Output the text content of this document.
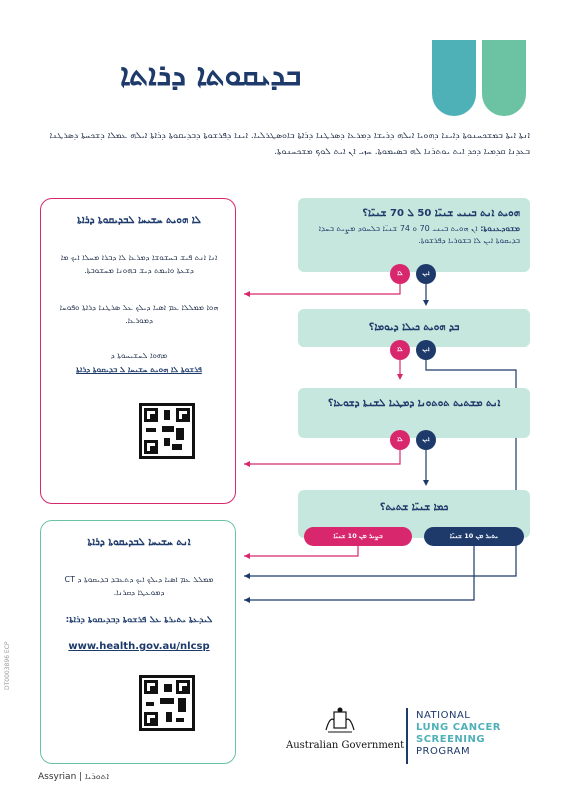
ܒܕܝܩܘܬܐ ܕܪܐܬܐ
ܐܢܬܐ ܐܝܬܐ ܒܡܫܟܚܢܘܬܐ ܕܐܝܢܐ ܕܗܘܝܐ ܐܝܠܗ ܕܪܝܫܐ ܕܡܪܥܐ ܕܣܪܛܢܐ ܕܪܐܬܐ ܒܐܘܣܛܪܠܝܐ. ܐܝܢܐ ܕܦܪܫܘܬܐ ܕܒܕܝܩܘܬܐ ܕܪܐܬܐ ܐܝܠܗ ܥܡܠܐ ܕܫܟܚܬܐ ܕܣܪܛܢܐ ܒܥܕܢܐ ܩܕܡܝܐ ܕܟܕ ܐܝܬ ܝܘܬܪܢܐ ܠܗ ܒܣܝܡܘܬܐ. ܚܙܝ ܐܢ ܐܝܬ ܠܘܟ ܡܫܟܚܢܘܬܐ.
ܗܘܝܬ ܐܢܬ ܒܝܢܝ ܫܢܝ̈ܐ 50 ܠ 70 ܫܢܝ̈ܐ؟
ܡܫܘܕܥܢܘܬܐ: ܐܢ ܗܘܝܬ ܒܝܢܝ 70 ܘ 74 ܫܢܝ̈ܐ ܒܠܚܘܕ ܡܨܝܬ ܒܚܕܐ ܒܕܝܩܘܬܐ ܐܝܢ ܠܐ ܒܫܘܪܝܐ ܕܦܪܫܘܬܐ.
ܠܐ	ܐܝܢ
ܒܕ ܗܘܝܬ ܟܝܠܐ ܕܝܘܡܐ؟
ܠܐ	ܐܝܢ
ܐܢܬ ܡܫܬܝܬ ܬܘܬܘܢܐ ܕܡܛܝܐ ܠܫܢܬܐ ܕܫܘܥܐ؟
ܠܐ	ܐܝܢ
ܟܡܐ ܫܢܝ̈ܐ ܫܬܝܬ؟
ܒܨܝܪ ܡܢ 10 ܫܢܝ̈ܐ	ܝܬܝܪ ܡܢ 10 ܫܢܝ̈ܐ
ܠܐ ܗܘܝܬ ܚܫܝܚܐ ܠܒܕܝܩܘܬܐ ܕܪܐܬܐ
ܐܢܐ ܐܢܬ ܦܝܫ ܒܚܫܘܫܐ ܕܡܪܥܐ ܠܐ ܕܒܪܐ ܡܚܠܐ ܐܝܟ ܡܐ ܕܫܥܬܐ ܘܐܝܡܬ ܕܝܫ ܒܗܘܢܐ ܡܚܫܘܒܬܐ.
ܗܘܐ ܡܡܠܠܐ ܥܡ ܐܣܝܐ ܕܝܠܟ ܥܠ ܣܪܛܢܐ ܕܪܐܬܐ ܘܦܘܚܐ ܕܡܘܪܥܐ.
ܡܗܘܐ ܠܚܫܝܚܘܬܐ ܕ
ܦܪܫܘܬܐ ܠܐ ܗܘܝܬ ܚܫܝܚܐ ܠ ܒܕܝܩܘܬܐ ܕܪܐܬܐ
ܐܢܬ ܚܫܝܚܐ ܠܒܕܝܩܘܬܐ ܕܪܐܬܐ
ܡܡܠܠ ܥܡ ܐܣܝܐ ܕܝܠܟ ܐܝܟ ܕܬܥܒܕ ܒܕܝܩܘܬܐ ܕ CT ܕܡܘܥܛܐ ܕܩܪܢܐ.
ܠܝܕܥܬܐ ܝܬܝܪܬܐ ܥܠ ܦܪܫܘܬܐ ܕܒܕܝܩܘܬܐ ܕܪܐܬܐ:
www.health.gov.au/nlcsp
Assyrian | ܐܬܘܪܝܐ
DT0003896 ECP
Australian Government
NATIONAL
LUNG CANCER
SCREENING
PROGRAM
